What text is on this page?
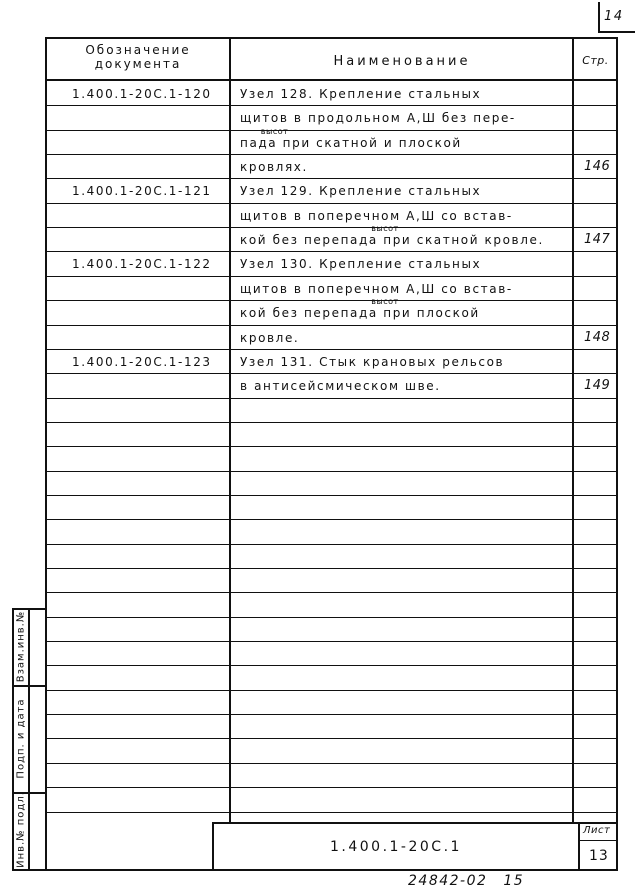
14
Обозначение
документа	Наименование	Стр.
1.400.1-20С.1-120 Узел 128. Крепление стальных
щитов в продольном А,Ш без пере-
пада при скатной и плоской
высот
кровлях.	146
1.400.1-20С.1-121 Узел 129. Крепление стальных
щитов в поперечном А,Ш со встав-
кой без перепада при скатной кровле.
высот
147
1.400.1-20С.1-122 Узел 130. Крепление стальных
щитов в поперечном А,Ш со встав-
кой без перепада при плоской
высот
кровле.	148
1.400.1-20С.1-123 Узел 131. Стык крановых рельсов
в антисейсмическом шве.	149
Инв.№ подл.
Подп. и дата
Взам.инв.№
1.400.1-20С.1
Лист
13
24842-02 15
